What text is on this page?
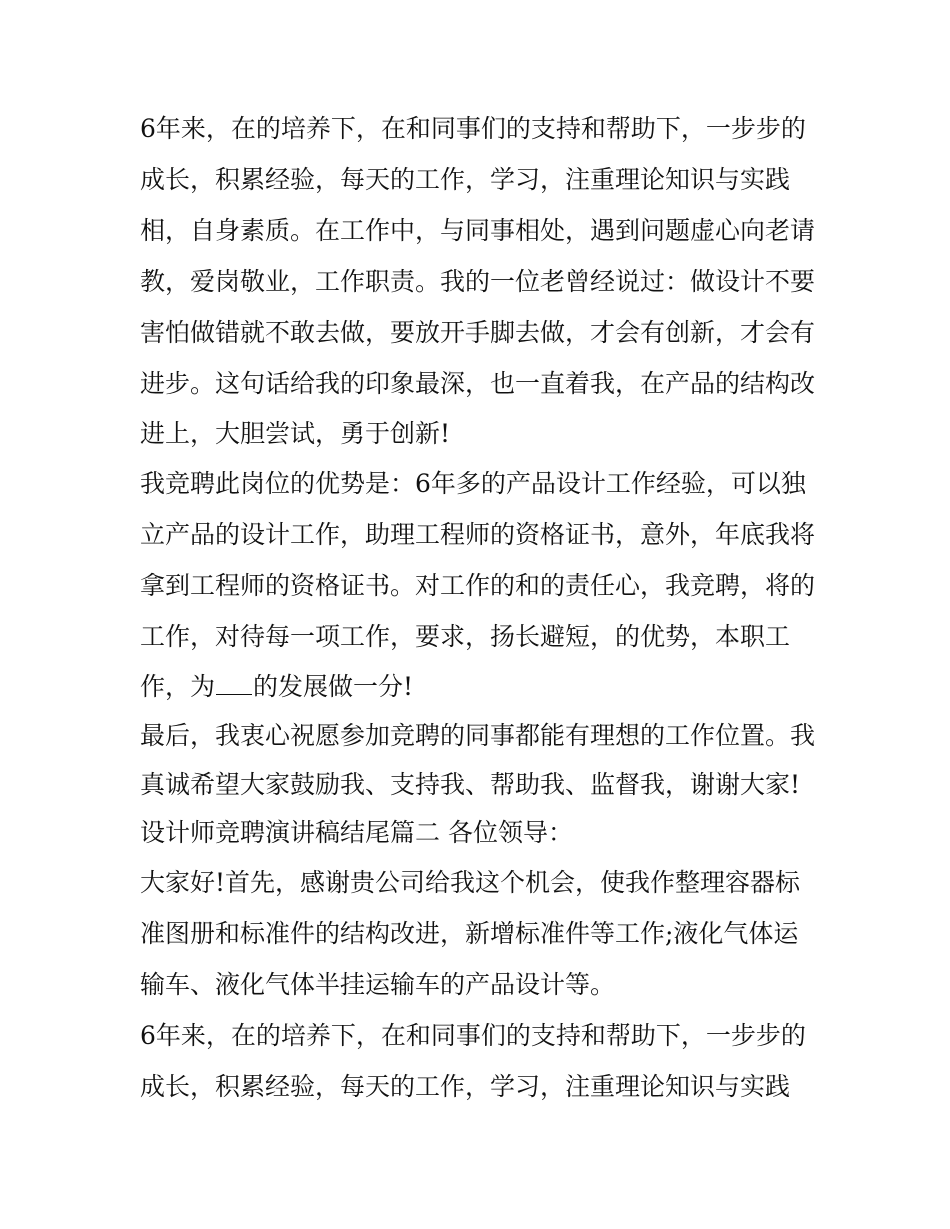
6年来，在的培养下，在和同事们的支持和帮助下，一步步的
成长，积累经验，每天的工作，学习，注重理论知识与实践
相，自身素质。在工作中，与同事相处，遇到问题虚心向老请
教，爱岗敬业，工作职责。我的一位老曾经说过：做设计不要
害怕做错就不敢去做，要放开手脚去做，才会有创新，才会有
进步。这句话给我的印象最深，也一直着我，在产品的结构改
进上，大胆尝试，勇于创新!
我竞聘此岗位的优势是：6年多的产品设计工作经验，可以独
立产品的设计工作，助理工程师的资格证书，意外，年底我将
拿到工程师的资格证书。对工作的和的责任心，我竞聘，将的
工作，对待每一项工作，要求，扬长避短，的优势，本职工
作，为 的发展做一分!
最后，我衷心祝愿参加竞聘的同事都能有理想的工作位置。我
真诚希望大家鼓励我、支持我、帮助我、监督我，谢谢大家!
设计师竞聘演讲稿结尾篇二 各位领导：
大家好!首先，感谢贵公司给我这个机会，使我作整理容器标
准图册和标准件的结构改进，新增标准件等工作;液化气体运
输车、液化气体半挂运输车的产品设计等。
6年来，在的培养下，在和同事们的支持和帮助下，一步步的
成长，积累经验，每天的工作，学习，注重理论知识与实践
